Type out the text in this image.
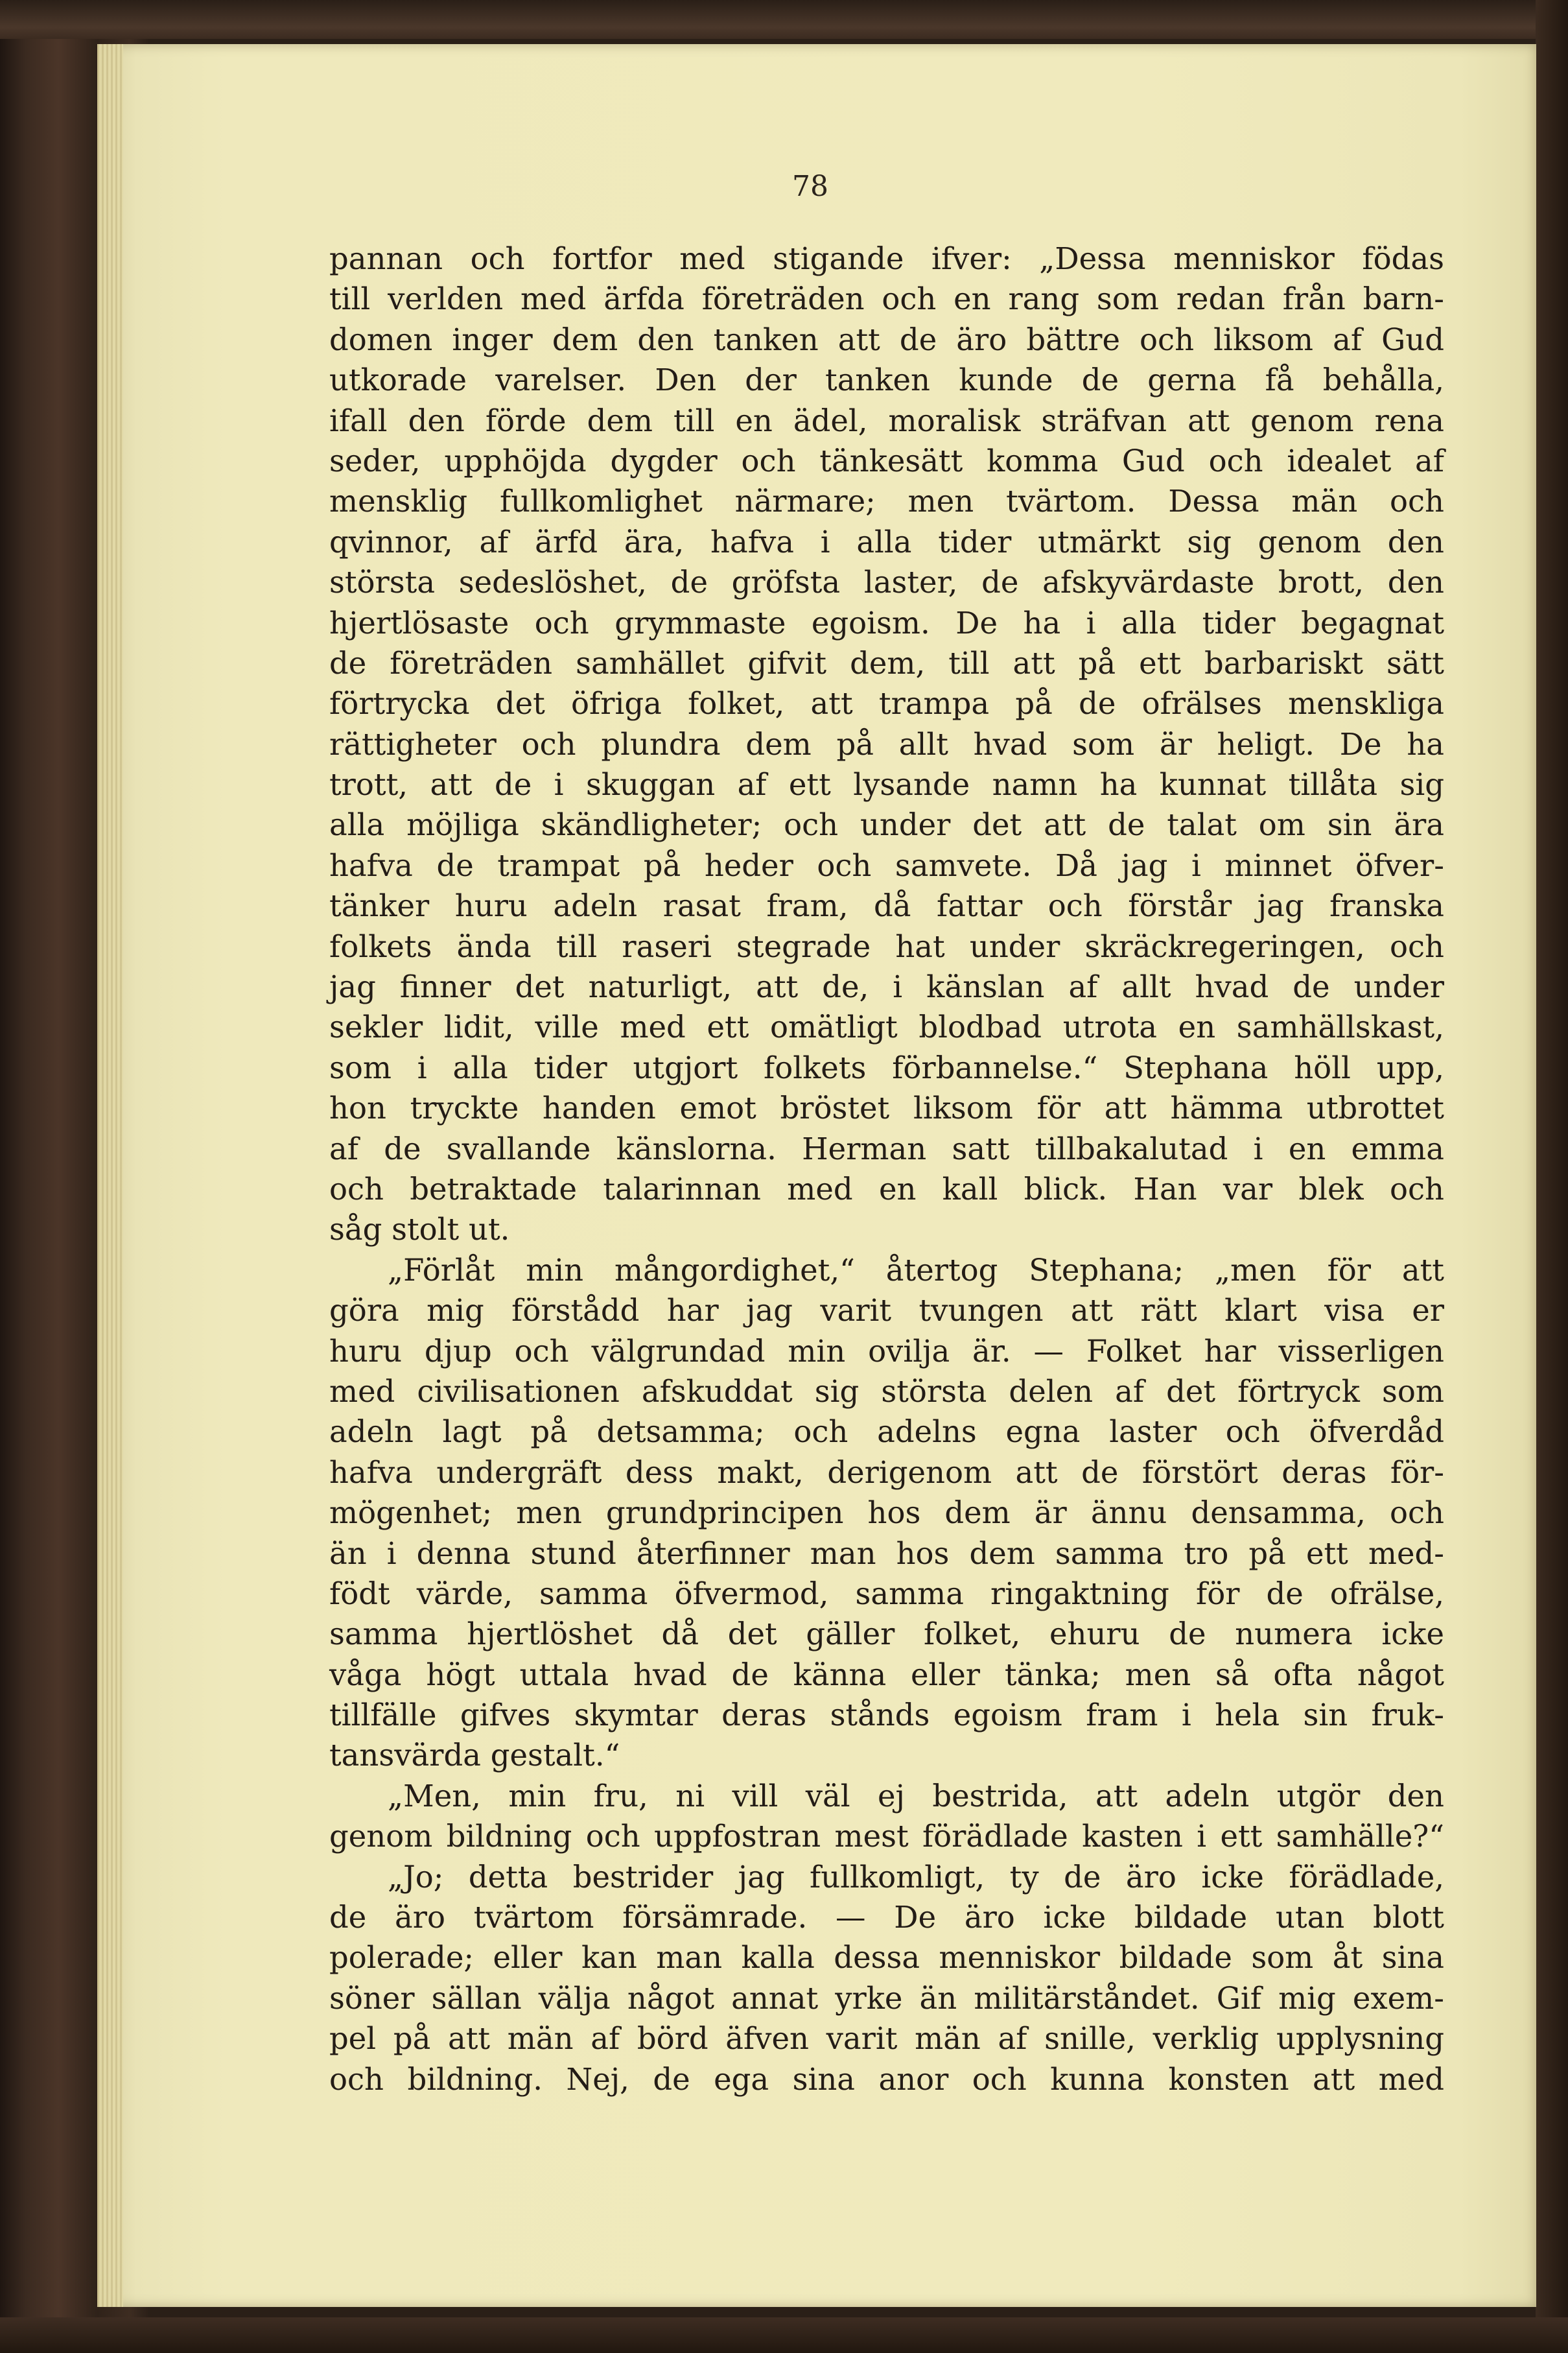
78
pannan och fortfor med stigande ifver: „Dessa menniskor födas
till verlden med ärfda företräden och en rang som redan från barn-
domen inger dem den tanken att de äro bättre och liksom af Gud
utkorade varelser. Den der tanken kunde de gerna få behålla,
ifall den förde dem till en ädel, moralisk sträfvan att genom rena
seder, upphöjda dygder och tänkesätt komma Gud och idealet af
mensklig fullkomlighet närmare; men tvärtom. Dessa män och
qvinnor, af ärfd ära, hafva i alla tider utmärkt sig genom den
största sedeslöshet, de gröfsta laster, de afskyvärdaste brott, den
hjertlösaste och grymmaste egoism. De ha i alla tider begagnat
de företräden samhället gifvit dem, till att på ett barbariskt sätt
förtrycka det öfriga folket, att trampa på de ofrälses menskliga
rättigheter och plundra dem på allt hvad som är heligt. De ha
trott, att de i skuggan af ett lysande namn ha kunnat tillåta sig
alla möjliga skändligheter; och under det att de talat om sin ära
hafva de trampat på heder och samvete. Då jag i minnet öfver-
tänker huru adeln rasat fram, då fattar och förstår jag franska
folkets ända till raseri stegrade hat under skräckregeringen, och
jag finner det naturligt, att de, i känslan af allt hvad de under
sekler lidit, ville med ett omätligt blodbad utrota en samhällskast,
som i alla tider utgjort folkets förbannelse.“ Stephana höll upp,
hon tryckte handen emot bröstet liksom för att hämma utbrottet
af de svallande känslorna. Herman satt tillbakalutad i en emma
och betraktade talarinnan med en kall blick. Han var blek och
såg stolt ut.
„Förlåt min mångordighet,“ återtog Stephana; „men för att
göra mig förstådd har jag varit tvungen att rätt klart visa er
huru djup och välgrundad min ovilja är. — Folket har visserligen
med civilisationen afskuddat sig största delen af det förtryck som
adeln lagt på detsamma; och adelns egna laster och öfverdåd
hafva undergräft dess makt, derigenom att de förstört deras för-
mögenhet; men grundprincipen hos dem är ännu densamma, och
än i denna stund återfinner man hos dem samma tro på ett med-
födt värde, samma öfvermod, samma ringaktning för de ofrälse,
samma hjertlöshet då det gäller folket, ehuru de numera icke
våga högt uttala hvad de känna eller tänka; men så ofta något
tillfälle gifves skymtar deras stånds egoism fram i hela sin fruk-
tansvärda gestalt.“
„Men, min fru, ni vill väl ej bestrida, att adeln utgör den
genom bildning och uppfostran mest förädlade kasten i ett samhälle?“
„Jo; detta bestrider jag fullkomligt, ty de äro icke förädlade,
de äro tvärtom försämrade. — De äro icke bildade utan blott
polerade; eller kan man kalla dessa menniskor bildade som åt sina
söner sällan välja något annat yrke än militärståndet. Gif mig exem-
pel på att män af börd äfven varit män af snille, verklig upplysning
och bildning. Nej, de ega sina anor och kunna konsten att med
